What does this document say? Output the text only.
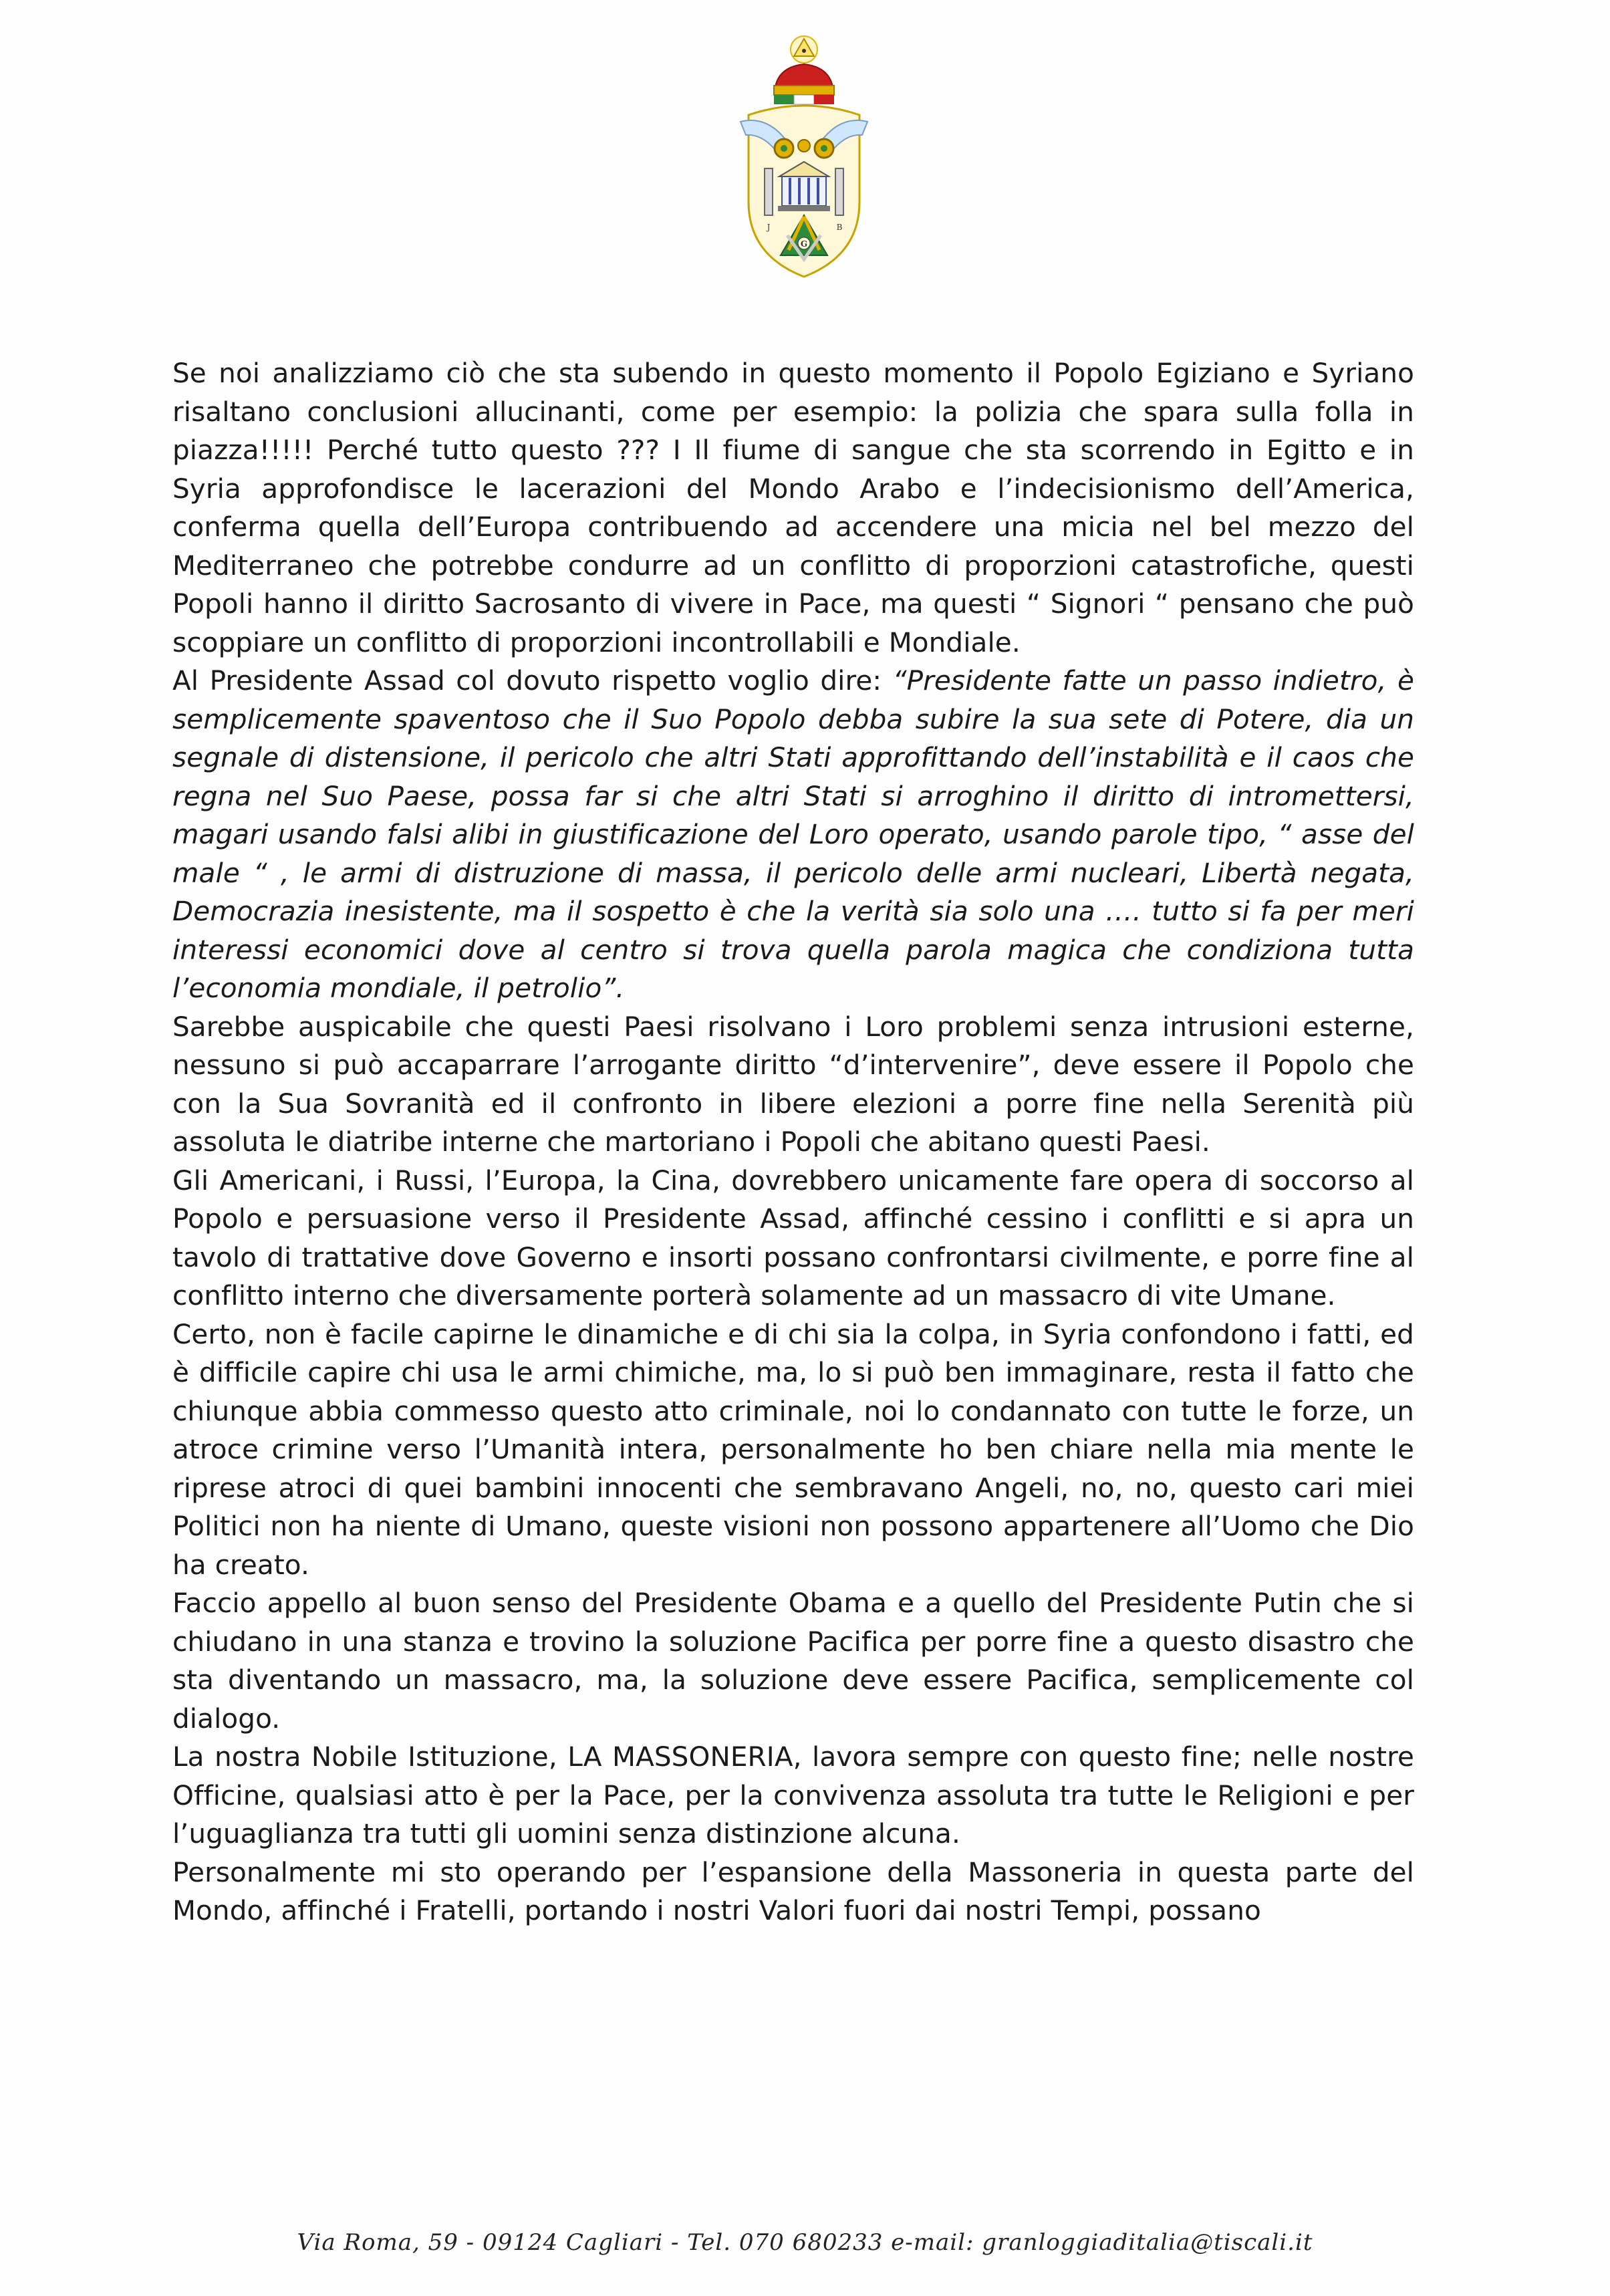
J	B
G

Se noi analizziamo ciò che sta subendo in questo momento il Popolo Egiziano e Syriano risaltano conclusioni allucinanti, come per esempio: la polizia che spara sulla folla in piazza!!!!! Perché tutto questo ??? I Il fiume di sangue che sta scorrendo in Egitto e in Syria approfondisce le lacerazioni del Mondo Arabo e l’indecisionismo dell’America, conferma quella dell’Europa contribuendo ad accendere una micia nel bel mezzo del Mediterraneo che potrebbe condurre ad un conflitto di proporzioni catastrofiche, questi Popoli hanno il diritto Sacrosanto di vivere in Pace, ma questi “ Signori “ pensano che può scoppiare un conflitto di proporzioni incontrollabili e Mondiale.

Al Presidente Assad col dovuto rispetto voglio dire: “Presidente fatte un passo indietro, è semplicemente spaventoso che il Suo Popolo debba subire la sua sete di Potere, dia un segnale di distensione, il pericolo che altri Stati approfittando dell’instabilità e il caos che regna nel Suo Paese, possa far si che altri Stati si arroghino il diritto di intromettersi, magari usando falsi alibi in giustificazione del Loro operato, usando parole tipo, “ asse del male “ , le armi di distruzione di massa, il pericolo delle armi nucleari, Libertà negata, Democrazia inesistente, ma il sospetto è che la verità sia solo una …. tutto si fa per meri interessi economici dove al centro si trova quella parola magica che condiziona tutta l’economia mondiale, il petrolio”.

Sarebbe auspicabile che questi Paesi risolvano i Loro problemi senza intrusioni esterne, nessuno si può accaparrare l’arrogante diritto “d’intervenire”, deve essere il Popolo che con la Sua Sovranità ed il confronto in libere elezioni a porre fine nella Serenità più assoluta le diatribe interne che martoriano i Popoli che abitano questi Paesi.

Gli Americani, i Russi, l’Europa, la Cina, dovrebbero unicamente fare opera di soccorso al Popolo e persuasione verso il Presidente Assad, affinché cessino i conflitti e si apra un tavolo di trattative dove Governo e insorti possano confrontarsi civilmente, e porre fine al conflitto interno che diversamente porterà solamente ad un massacro di vite Umane.

Certo, non è facile capirne le dinamiche e di chi sia la colpa, in Syria confondono i fatti, ed è difficile capire chi usa le armi chimiche, ma, lo si può ben immaginare, resta il fatto che chiunque abbia commesso questo atto criminale, noi lo condannato con tutte le forze, un atroce crimine verso l’Umanità intera, personalmente ho ben chiare nella mia mente le riprese atroci di quei bambini innocenti che sembravano Angeli, no, no, questo cari miei Politici non ha niente di Umano, queste visioni non possono appartenere all’Uomo che Dio ha creato.

Faccio appello al buon senso del Presidente Obama e a quello del Presidente Putin che si chiudano in una stanza e trovino la soluzione Pacifica per porre fine a questo disastro che sta diventando un massacro, ma, la soluzione deve essere Pacifica, semplicemente col dialogo.

La nostra Nobile Istituzione, LA MASSONERIA, lavora sempre con questo fine; nelle nostre Officine, qualsiasi atto è per la Pace, per la convivenza assoluta tra tutte le Religioni e per l’uguaglianza tra tutti gli uomini senza distinzione alcuna.

Personalmente mi sto operando per l’espansione della Massoneria in questa parte del Mondo, affinché i Fratelli, portando i nostri Valori fuori dai nostri Tempi, possano

Via Roma, 59 - 09124 Cagliari - Tel. 070 680233 e-mail: granloggiaditalia@tiscali.it
